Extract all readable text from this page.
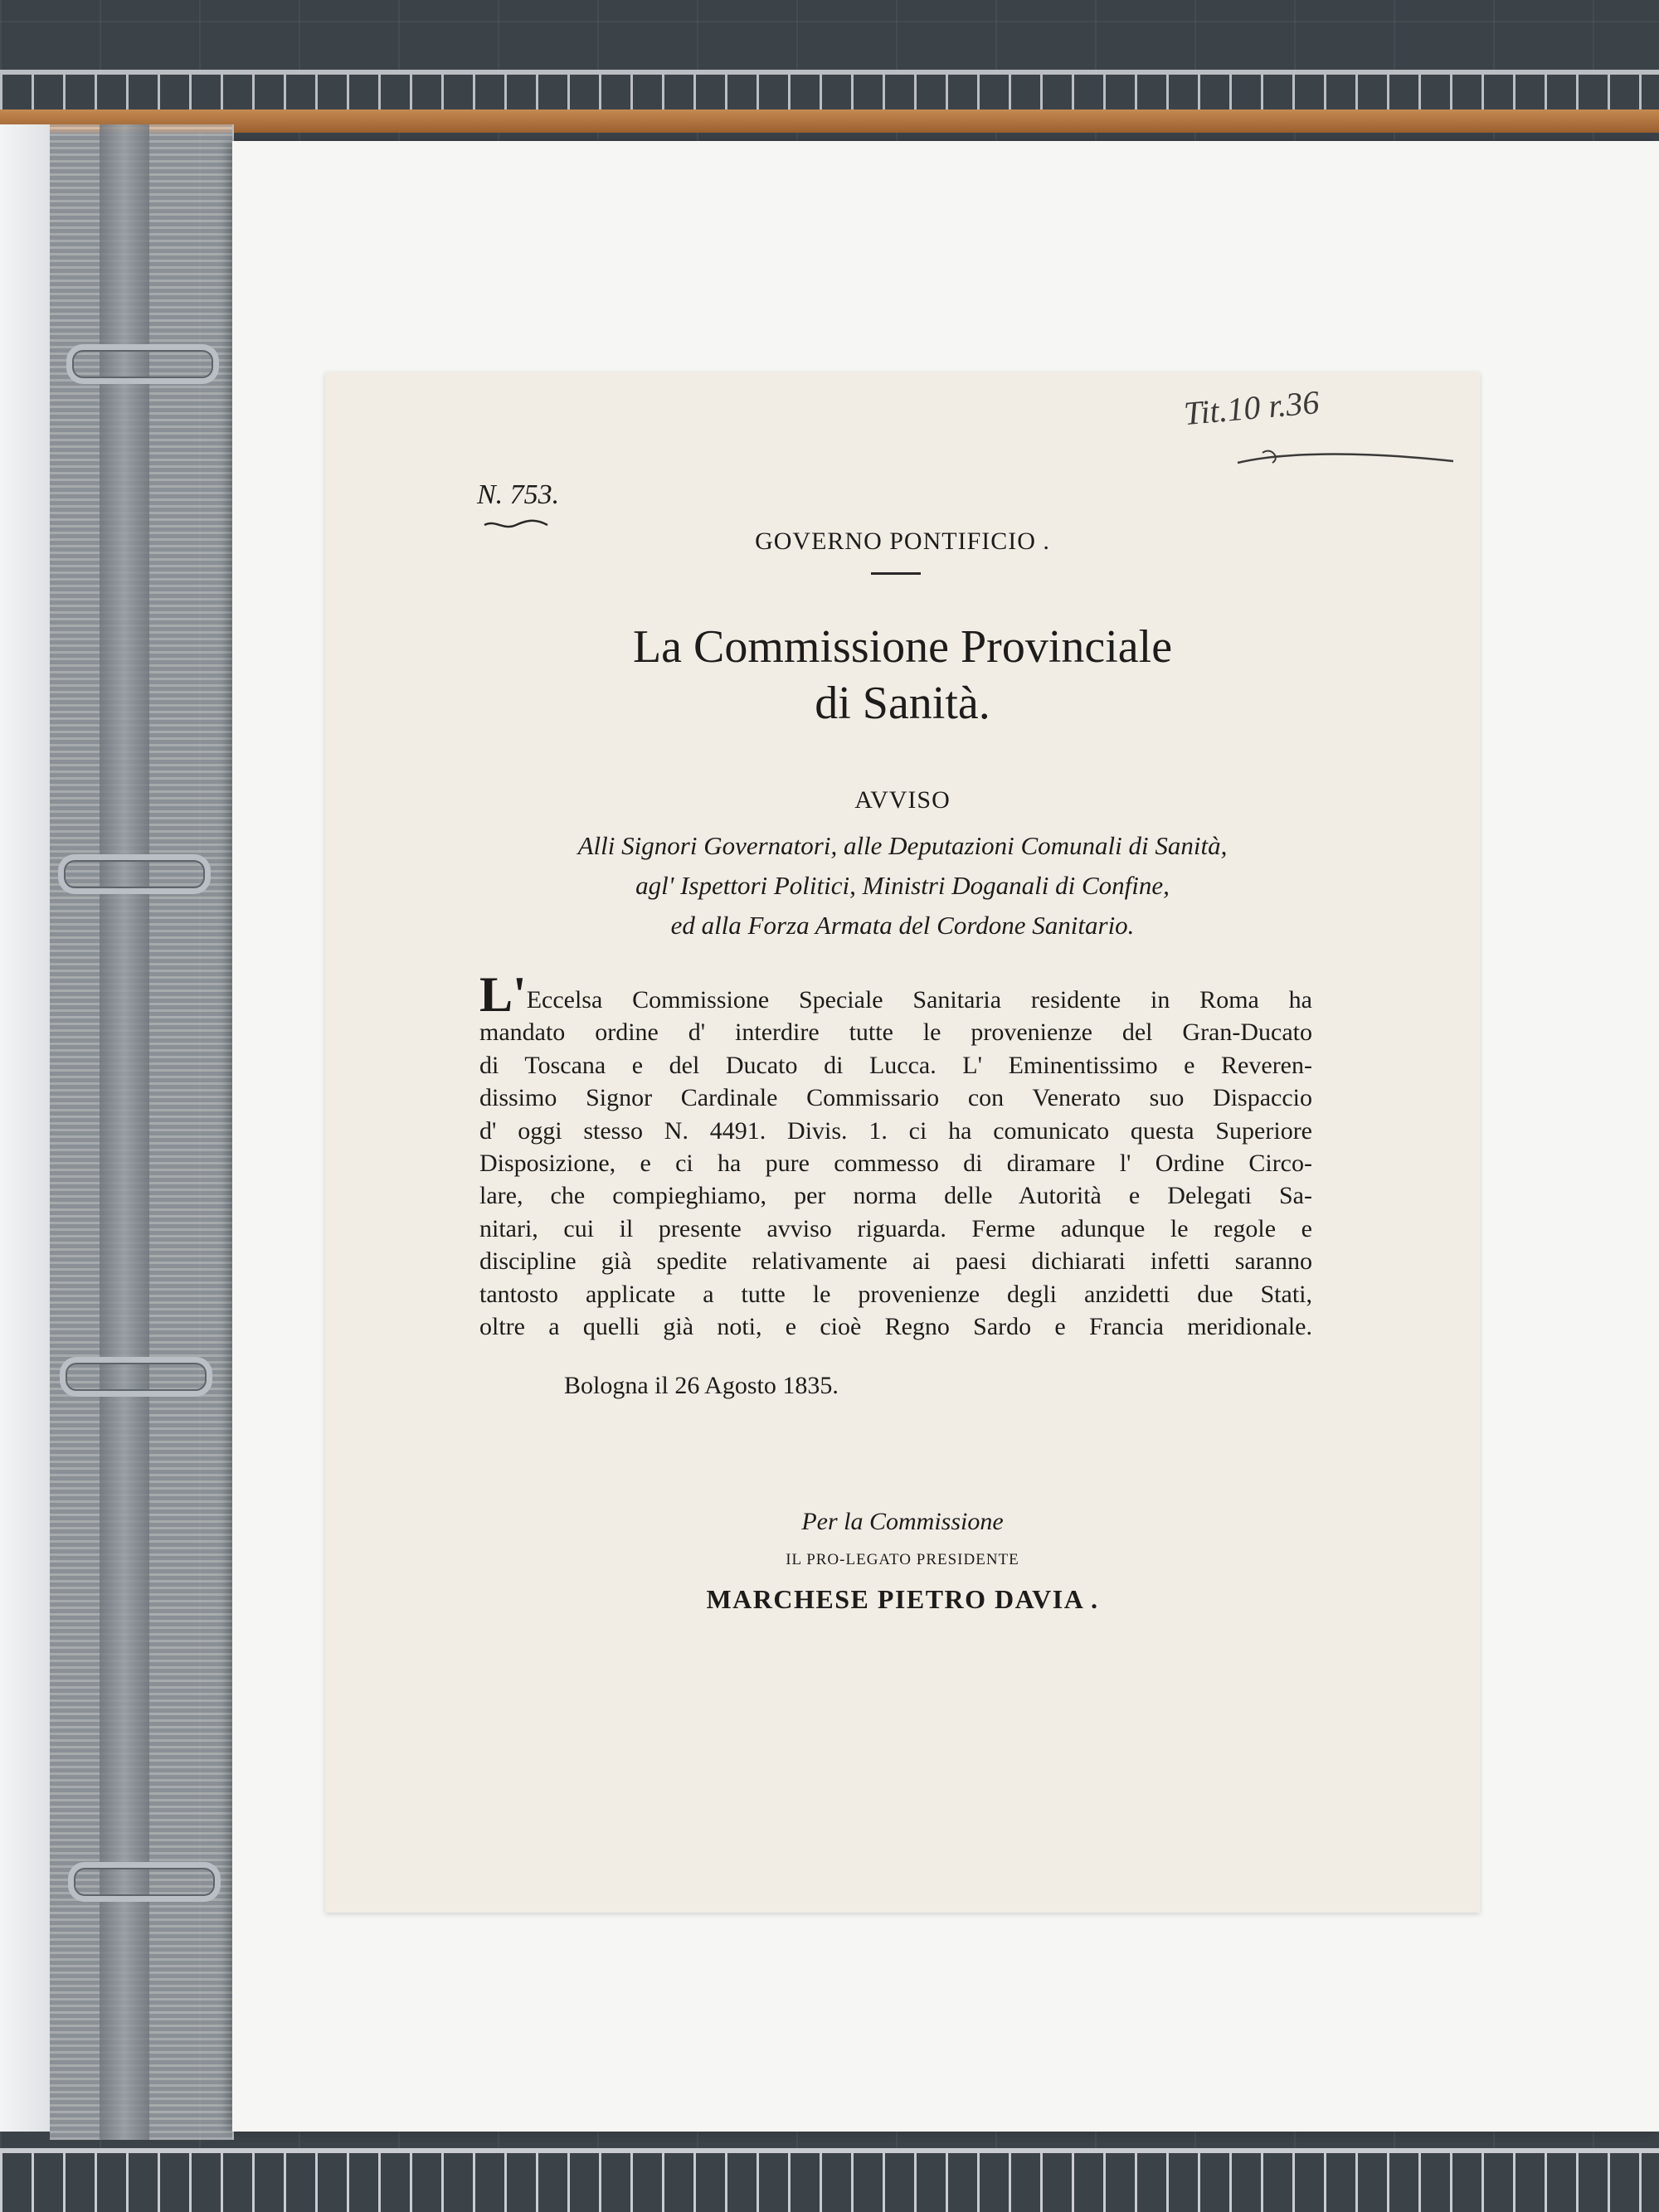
N. 753.
Tit.10 r.36
GOVERNO PONTIFICIO .
La Commissione Provinciale
di Sanità.
AVVISO
Alli Signori Governatori, alle Deputazioni Comunali di Sanità,
agl' Ispettori Politici, Ministri Doganali di Confine,
ed alla Forza Armata del Cordone Sanitario.
L'Eccelsa Commissione Speciale Sanitaria residente in Roma ha
mandato ordine d' interdire tutte le provenienze del Gran-Ducato
di Toscana e del Ducato di Lucca. L' Eminentissimo e Reveren-
dissimo Signor Cardinale Commissario con Venerato suo Dispaccio
d' oggi stesso N. 4491. Divis. 1. ci ha comunicato questa Superiore
Disposizione, e ci ha pure commesso di diramare l' Ordine Circo-
lare, che compieghiamo, per norma delle Autorità e Delegati Sa-
nitari, cui il presente avviso riguarda. Ferme adunque le regole e
discipline già spedite relativamente ai paesi dichiarati infetti saranno
tantosto applicate a tutte le provenienze degli anzidetti due Stati,
oltre a quelli già noti, e cioè Regno Sardo e Francia meridionale.
Bologna il 26 Agosto 1835.
Per la Commissione
IL PRO-LEGATO PRESIDENTE
MARCHESE PIETRO DAVIA .
